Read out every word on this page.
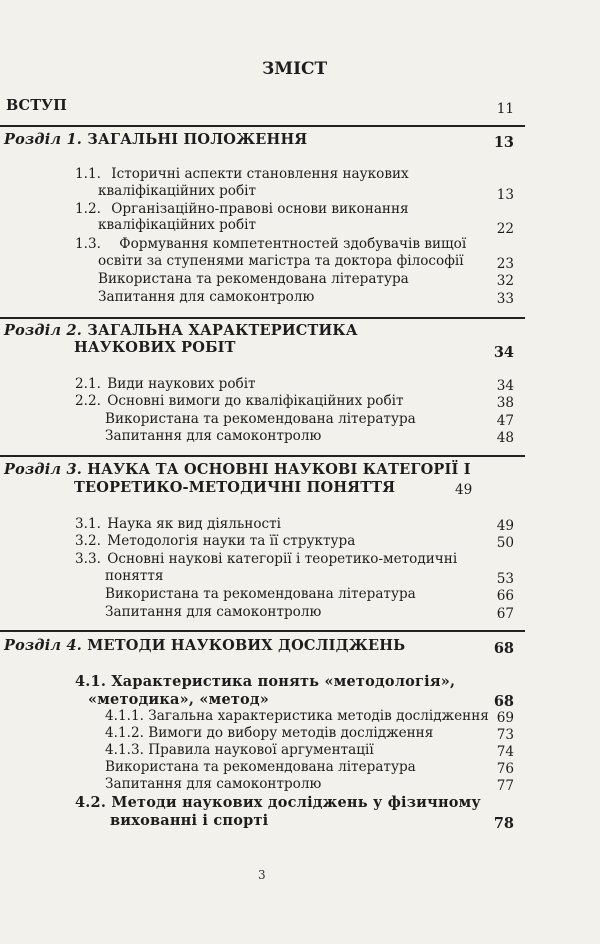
ЗМІСТ
ВСТУП	11
Розділ 1. ЗАГАЛЬНІ ПОЛОЖЕННЯ	13
1.1. Історичні аспекти становлення наукових
кваліфікаційних робіт	13
1.2. Організаційно-правові основи виконання
кваліфікаційних робіт	22
1.3. Формування компетентностей здобувачів вищої
освіти за ступенями магістра та доктора філософії 23
Використана та рекомендована література	32
Запитання для самоконтролю	33
Розділ 2. ЗАГАЛЬНА ХАРАКТЕРИСТИКА
НАУКОВИХ РОБІТ	34
2.1. Види наукових робіт	34
2.2. Основні вимоги до кваліфікаційних робіт	38
Використана та рекомендована література	47
Запитання для самоконтролю	48
Розділ 3. НАУКА ТА ОСНОВНІ НАУКОВІ КАТЕГОРІЇ І
ТЕОРЕТИКО-МЕТОДИЧНІ ПОНЯТТЯ	49
3.1. Наука як вид діяльності	49
3.2. Методологія науки та її структура	50
3.3. Основні наукові категорії і теоретико-методичні
поняття	53
Використана та рекомендована література	66
Запитання для самоконтролю	67
Розділ 4. МЕТОДИ НАУКОВИХ ДОСЛІДЖЕНЬ	68
4.1. Характеристика понять «методологія»,
«методика», «метод»	68
4.1.1. Загальна характеристика методів дослідження 69
4.1.2. Вимоги до вибору методів дослідження	73
4.1.3. Правила наукової аргументації	74
Використана та рекомендована література	76
Запитання для самоконтролю	77
4.2. Методи наукових досліджень у фізичному
вихованні і спорті	78
3
